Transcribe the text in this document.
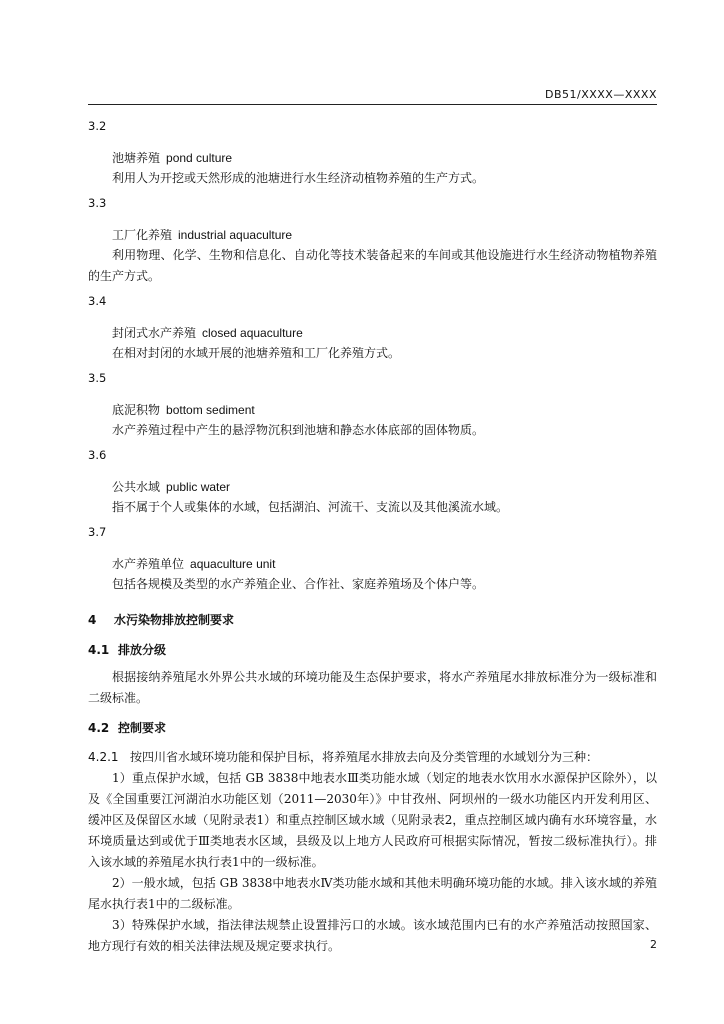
DB51/XXXX—XXXX
3.2
池塘养殖 pond culture
利用人为开挖或天然形成的池塘进行水生经济动植物养殖的生产方式。
3.3
工厂化养殖 industrial aquaculture
利用物理、化学、生物和信息化、自动化等技术装备起来的车间或其他设施进行水生经济动物植物养殖的生产方式。
3.4
封闭式水产养殖 closed aquaculture
在相对封闭的水域开展的池塘养殖和工厂化养殖方式。
3.5
底泥积物 bottom sediment
水产养殖过程中产生的悬浮物沉积到池塘和静态水体底部的固体物质。
3.6
公共水域 public water
指不属于个人或集体的水域，包括湖泊、河流干、支流以及其他溪流水域。
3.7
水产养殖单位 aquaculture unit
包括各规模及类型的水产养殖企业、合作社、家庭养殖场及个体户等。
4 水污染物排放控制要求
4.1 排放分级
根据接纳养殖尾水外界公共水域的环境功能及生态保护要求，将水产养殖尾水排放标准分为一级标准和二级标准。
4.2 控制要求
4.2.1 按四川省水域环境功能和保护目标，将养殖尾水排放去向及分类管理的水域划分为三种：
1）重点保护水域，包括 GB 3838中地表水Ⅲ类功能水域（划定的地表水饮用水水源保护区除外），以及《全国重要江河湖泊水功能区划（2011—2030年）》中甘孜州、阿坝州的一级水功能区内开发利用区、缓冲区及保留区水域（见附录表1）和重点控制区域水域（见附录表2，重点控制区域内确有水环境容量，水环境质量达到或优于Ⅲ类地表水区域，县级及以上地方人民政府可根据实际情况，暂按二级标准执行）。排入该水域的养殖尾水执行表1中的一级标准。
2）一般水域，包括 GB 3838中地表水Ⅳ类功能水域和其他未明确环境功能的水域。排入该水域的养殖尾水执行表1中的二级标准。
3）特殊保护水域，指法律法规禁止设置排污口的水域。该水域范围内已有的水产养殖活动按照国家、地方现行有效的相关法律法规及规定要求执行。	2
